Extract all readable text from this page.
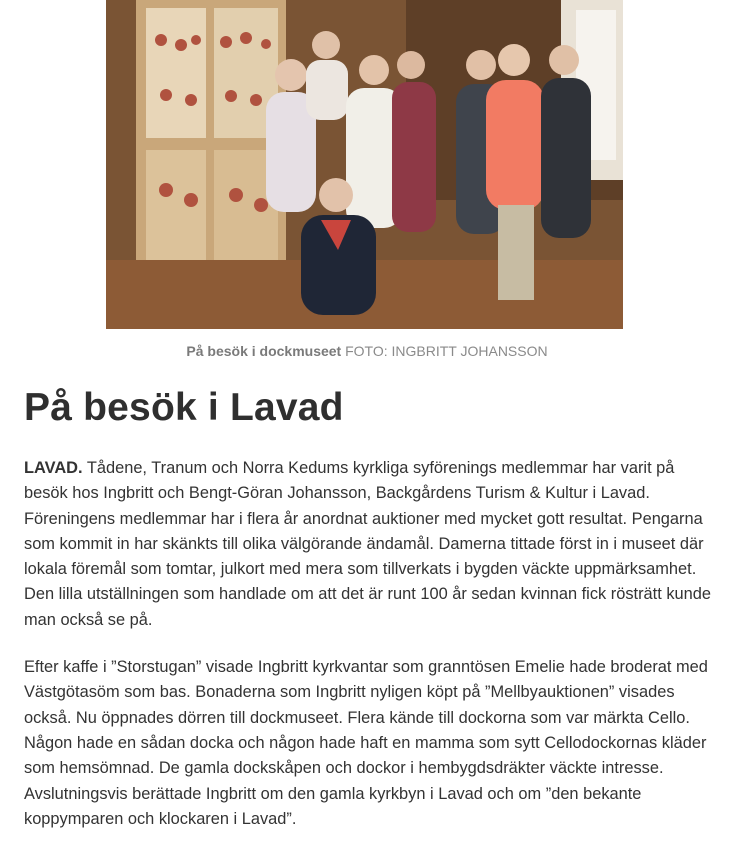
På besök i dockmuseet FOTO: INGBRITT JOHANSSON
På besök i Lavad

LAVAD. Tådene, Tranum och Norra Kedums kyrkliga syförenings medlemmar har varit på besök hos Ingbritt och Bengt-Göran Johansson, Backgårdens Turism & Kultur i Lavad. Föreningens medlemmar har i flera år anordnat auktioner med mycket gott resultat. Pengarna som kommit in har skänkts till olika välgörande ändamål. Damerna tittade först in i museet där lokala föremål som tomtar, julkort med mera som tillverkats i bygden väckte uppmärksamhet. Den lilla utställningen som handlade om att det är runt 100 år sedan kvinnan fick rösträtt kunde man också se på.

Efter kaffe i ”Storstugan” visade Ingbritt kyrkvantar som granntösen Emelie hade broderat med Västgötasöm som bas. Bonaderna som Ingbritt nyligen köpt på ”Mellbyauktionen” visades också. Nu öppnades dörren till dockmuseet. Flera kände till dockorna som var märkta Cello. Någon hade en sådan docka och någon hade haft en mamma som sytt Cellodockornas kläder som hemsömnad. De gamla dockskåpen och dockor i hembygdsdräkter väckte intresse. Avslutningsvis berättade Ingbritt om den gamla kyrkbyn i Lavad och om ”den bekante koppymparen och klockaren i Lavad”.
